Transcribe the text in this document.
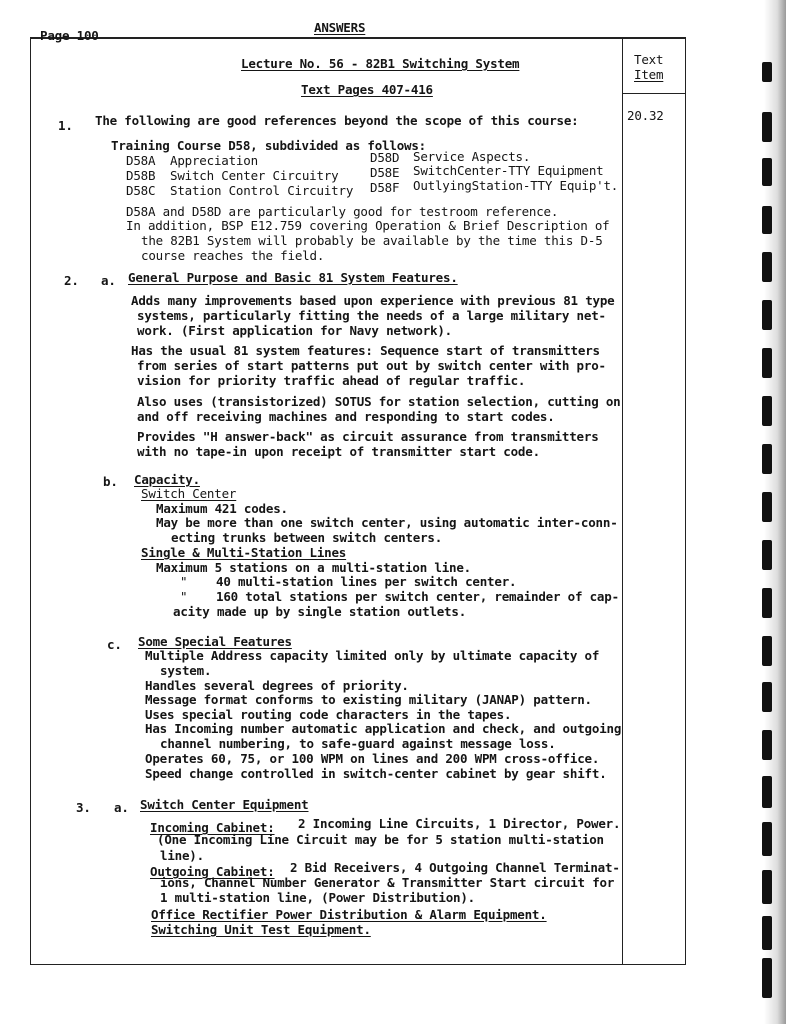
Page 100
ANSWERS
Lecture No. 56 - 82B1 Switching System
Text Pages 407-416
Text
Item
20.32
1. The following are good references beyond the scope of this course:
Training Course D58, subdivided as follows:
D58A Appreciation
D58B Switch Center Circuitry
D58C Station Control Circuitry
D58D Service Aspects.
D58E SwitchCenter-TTY Equipment
D58F OutlyingStation-TTY Equip't.
D58A and D58D are particularly good for testroom reference.
In addition, BSP E12.759 covering Operation & Brief Description of
the 82B1 System will probably be available by the time this D-5
course reaches the field.
2. a. General Purpose and Basic 81 System Features.
Adds many improvements based upon experience with previous 81 type
systems, particularly fitting the needs of a large military net-
work. (First application for Navy network).
Has the usual 81 system features: Sequence start of transmitters
from series of start patterns put out by switch center with pro-
vision for priority traffic ahead of regular traffic.
Also uses (transistorized) SOTUS for station selection, cutting on
and off receiving machines and responding to start codes.
Provides "H answer-back" as circuit assurance from transmitters
with no tape-in upon receipt of transmitter start code.
b. Capacity.
Switch Center
Maximum 421 codes.
May be more than one switch center, using automatic inter-conn-
ecting trunks between switch centers.
Single & Multi-Station Lines
Maximum 5 stations on a multi-station line.
" 40 multi-station lines per switch center.
" 160 total stations per switch center, remainder of cap-
acity made up by single station outlets.
c. Some Special Features
Multiple Address capacity limited only by ultimate capacity of
system.
Handles several degrees of priority.
Message format conforms to existing military (JANAP) pattern.
Uses special routing code characters in the tapes.
Has Incoming number automatic application and check, and outgoing
channel numbering, to safe-guard against message loss.
Operates 60, 75, or 100 WPM on lines and 200 WPM cross-office.
Speed change controlled in switch-center cabinet by gear shift.
3. a. Switch Center Equipment
Incoming Cabinet: 2 Incoming Line Circuits, 1 Director, Power.
(One Incoming Line Circuit may be for 5 station multi-station
line).
Outgoing Cabinet: 2 Bid Receivers, 4 Outgoing Channel Terminat-
ions, Channel Number Generator & Transmitter Start circuit for
1 multi-station line, (Power Distribution).
Office Rectifier Power Distribution & Alarm Equipment.
Switching Unit Test Equipment.
